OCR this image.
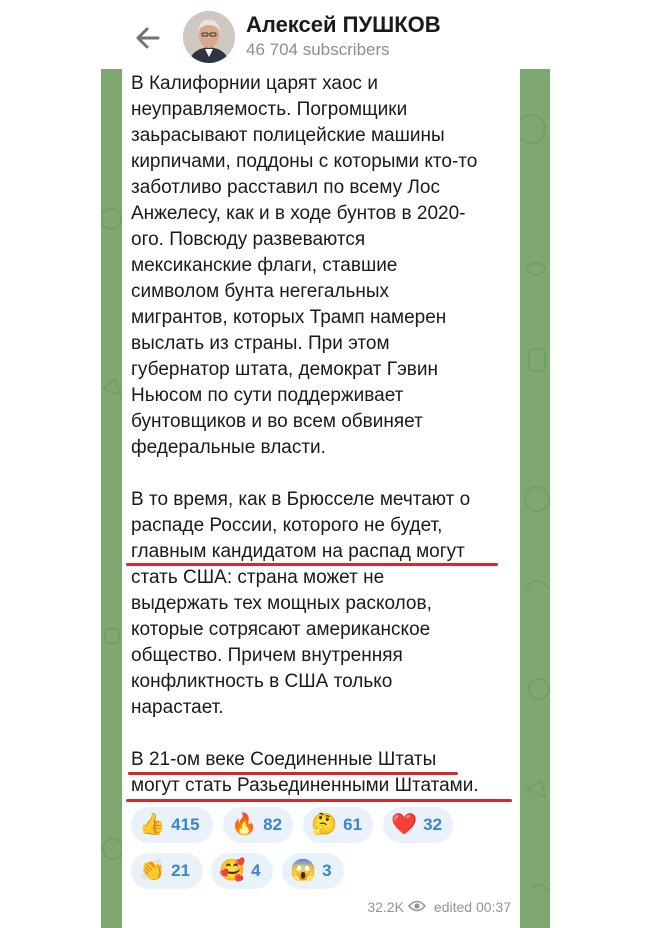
Алексей ПУШКОВ
46 704 subscribers

В Калифорнии царят хаос и
неуправляемость. Погромщики
заьрасывают полицейские машины
кирпичами, поддоны с которыми кто-то
заботливо расставил по всему Лос
Анжелесу, как и в ходе бунтов в 2020-
ого. Повсюду развеваются
мексиканские флаги, ставшие
символом бунта негегальных
мигрантов, которых Трамп намерен
выслать из страны. При этом
губернатор штата, демократ Гэвин
Ньюсом по сути поддерживает
бунтовщиков и во всем обвиняет
федеральные власти.

В то время, как в Брюсселе мечтают о
распаде России, которого не будет,
главным кандидатом на распад могут
стать США: страна может не
выдержать тех мощных расколов,
которые сотрясают американское
общество. Причем внутренняя
конфликтность в США только
нарастает.

В 21-ом веке Соединенные Штаты
могут стать Разьединенными Штатами.

👍 415 🔥 82 🤔 61 ❤️ 32
👏 21 🥰 4 😱 3
32.2K edited 00:37
